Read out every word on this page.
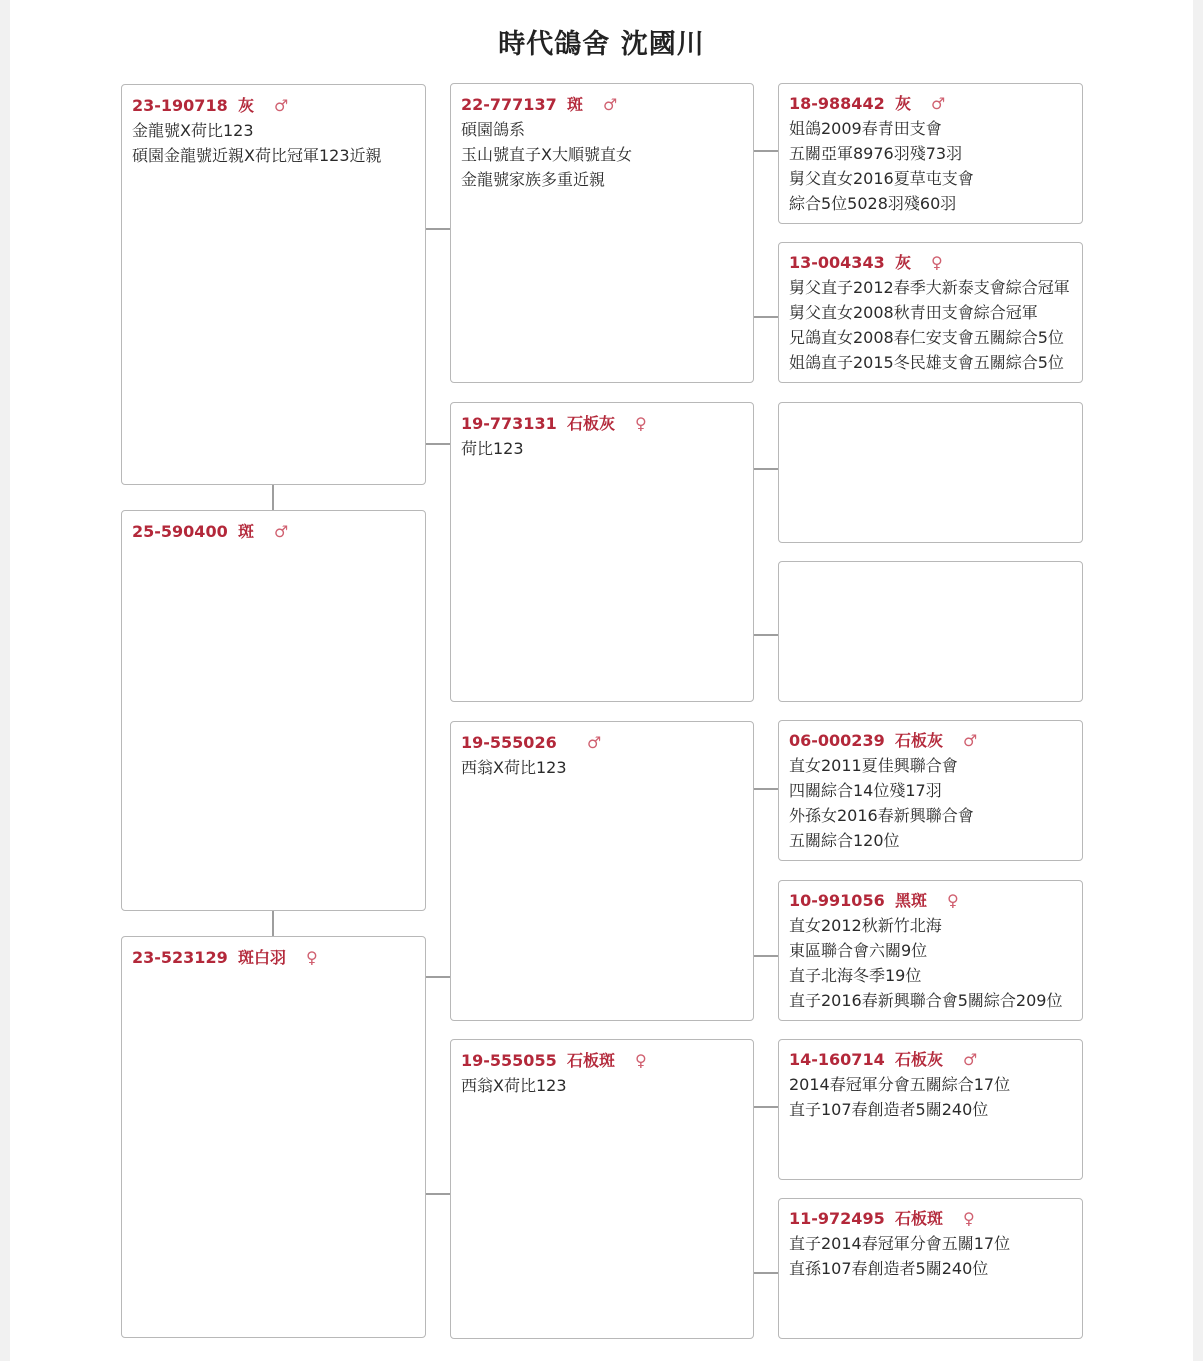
時代鴿舍 沈國川
23-190718 灰 ♂
金龍號X荷比123
碩園金龍號近親X荷比冠軍123近親
25-590400 斑 ♂
23-523129 斑白羽 ♀
22-777137 斑 ♂
碩園鴿系
玉山號直子X大順號直女
金龍號家族多重近親
19-773131 石板灰 ♀
荷比123
19-555026 ♂
西翁X荷比123
19-555055 石板斑 ♀
西翁X荷比123
18-988442 灰 ♂
姐鴿2009春青田支會
五關亞軍8976羽殘73羽
舅父直女2016夏草屯支會
綜合5位5028羽殘60羽
13-004343 灰 ♀
舅父直子2012春季大新泰支會綜合冠軍
舅父直女2008秋青田支會綜合冠軍
兄鴿直女2008春仁安支會五關綜合5位
姐鴿直子2015冬民雄支會五關綜合5位
06-000239 石板灰 ♂
直女2011夏佳興聯合會
四關綜合14位殘17羽
外孫女2016春新興聯合會
五關綜合120位
10-991056 黑斑 ♀
直女2012秋新竹北海
東區聯合會六關9位
直子北海冬季19位
直子2016春新興聯合會5關綜合209位
14-160714 石板灰 ♂
2014春冠軍分會五關綜合17位
直子107春創造者5關240位
11-972495 石板斑 ♀
直子2014春冠軍分會五關17位
直孫107春創造者5關240位
